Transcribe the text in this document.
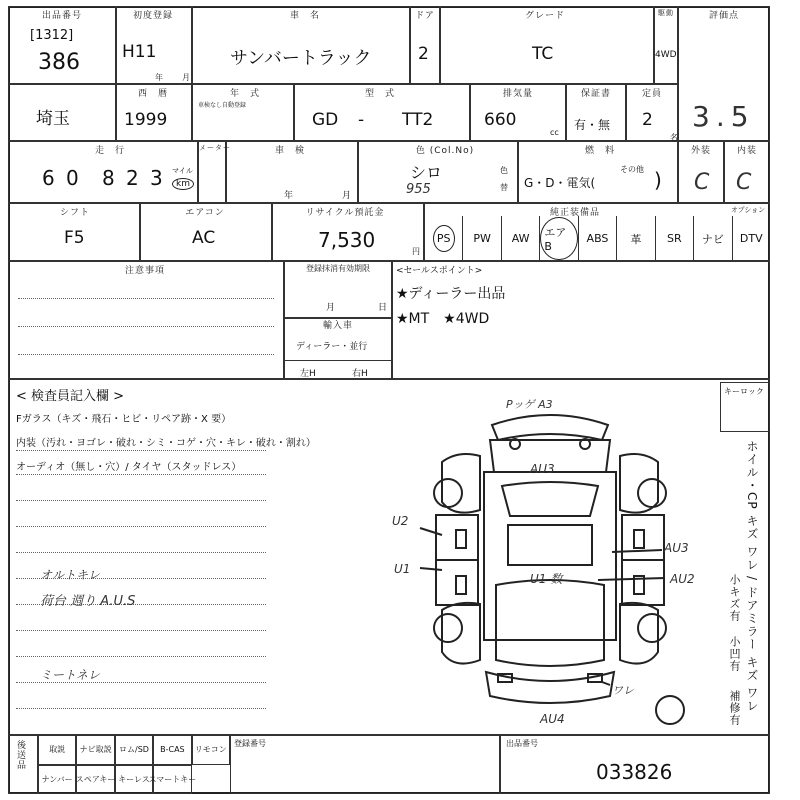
出品番号
[1312]
386
初度登録
H11
年 月
車　名
サンバートラック
ドア
2
グレード
TC
駆動
4WD
評価点
3.5
埼玉
西　暦
1999
年　式
車検なし自動登録
型　式
GD - TT2
排気量
660
cc
保証書
有・無
定員
2
名
走　行
6 0 8 2 3 マイル
km
メーター	車　検
年	月
色 (Col.No)
シロ
955
色
替
燃　料
G・D・電気(
その他 )
外装
C
内装
C
シフト
F5
エアコン
AC
リサイクル預託金
7,530	円
純正装備品	オプション
PS	PW AW	エアB
ABS 革 SR ナビ DTV
注意事項	登録抹消有効期限
月	日
輸入車
ディーラー・並行
左H	右H
<セールスポイント>
★ディーラー出品
★MT　★4WD
< 検査員記入欄 >
Fガラス（キズ・飛石・ヒビ・リペア跡・X 要）
内装（汚れ・ヨゴレ・破れ・シミ・コゲ・穴・キレ・破れ・割れ）
オーディオ（無し・穴）/ タイヤ（スタッドレス）
オルトキレ
荷台 週り A.U.S
ミートネレ
Pッゲ A3
AU3
U2
U1
U1 数
AU3
AU2
ワレ
AU4
キーロック
ホイル・CP キズ ワレ / ドアミラー キズ ワレ
小キズ有
小凹有
補修有
後送品	取説	ナビ取説 ロム/SD	B-CAS	リモコン
ナンバー スペアキー キーレス
スマートキー
登録番号	出品番号
033826
